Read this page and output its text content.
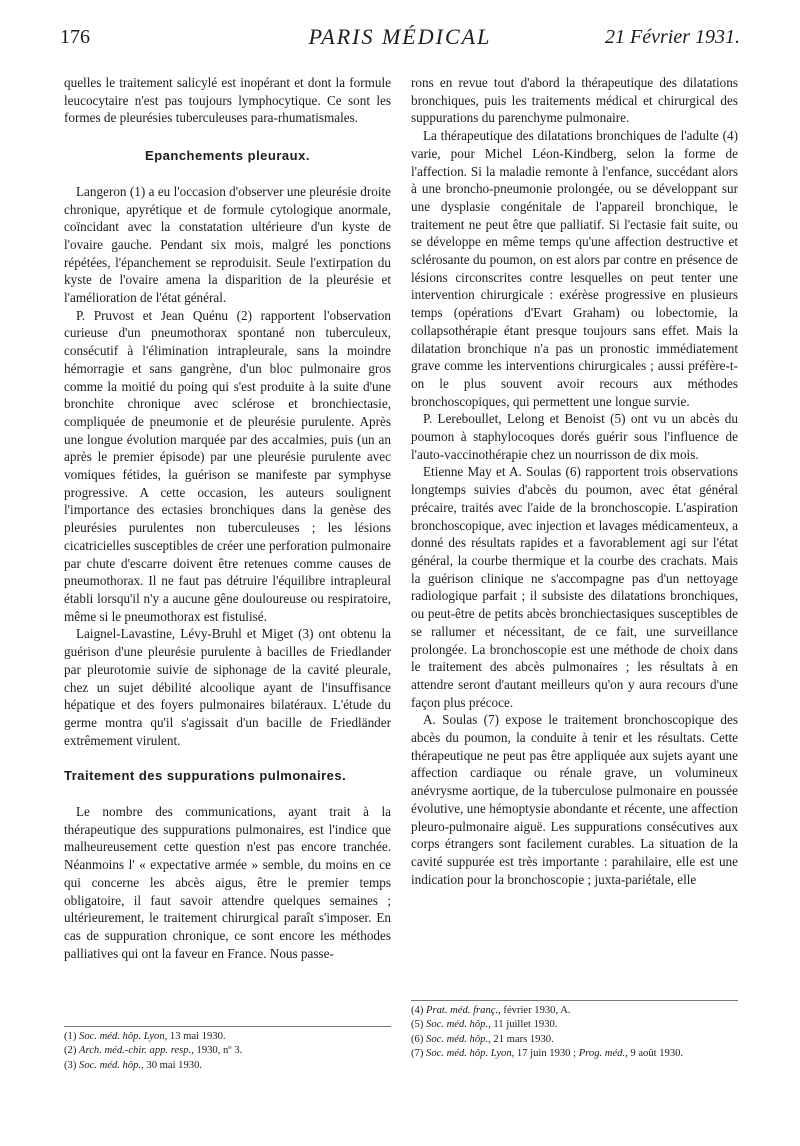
176	PARIS MÉDICAL	21 Février 1931.

quelles le traitement salicylé est inopérant et dont la formule leucocytaire n'est pas toujours lymphocytique. Ce sont les formes de pleurésies tuberculeuses para-rhumatismales.

Epanchements pleuraux.

Langeron (1) a eu l'occasion d'observer une pleurésie droite chronique, apyrétique et de formule cytologique anormale, coïncidant avec la constatation ultérieure d'un kyste de l'ovaire gauche. Pendant six mois, malgré les ponctions répétées, l'épanchement se reproduisit. Seule l'extirpation du kyste de l'ovaire amena la disparition de la pleurésie et l'amélioration de l'état général.

P. Pruvost et Jean Quénu (2) rapportent l'observation curieuse d'un pneumothorax spontané non tuberculeux, consécutif à l'élimination intrapleurale, sans la moindre hémorragie et sans gangrène, d'un bloc pulmonaire gros comme la moitié du poing qui s'est produite à la suite d'une bronchite chronique avec sclérose et bronchiectasie, compliquée de pneumonie et de pleurésie purulente. Après une longue évolution marquée par des accalmies, puis (un an après le premier épisode) par une pleurésie purulente avec vomiques fétides, la guérison se manifeste par symphyse progressive. A cette occasion, les auteurs soulignent l'importance des ectasies bronchiques dans la genèse des pleurésies purulentes non tuberculeuses ; les lésions cicatricielles susceptibles de créer une perforation pulmonaire par chute d'escarre doivent être retenues comme causes de pneumothorax. Il ne faut pas détruire l'équilibre intrapleural établi lorsqu'il n'y a aucune gêne douloureuse ou respiratoire, même si le pneumothorax est fistulisé.

Laignel-Lavastine, Lévy-Bruhl et Miget (3) ont obtenu la guérison d'une pleurésie purulente à bacilles de Friedlander par pleurotomie suivie de siphonage de la cavité pleurale, chez un sujet débilité alcoolique ayant de l'insuffisance hépatique et des foyers pulmonaires bilatéraux. L'étude du germe montra qu'il s'agissait d'un bacille de Friedländer extrêmement virulent.

Traitement des suppurations pulmonaires.

Le nombre des communications, ayant trait à la thérapeutique des suppurations pulmonaires, est l'indice que malheureusement cette question n'est pas encore tranchée. Néanmoins l' « expectative armée » semble, du moins en ce qui concerne les abcès aigus, être le premier temps obligatoire, il faut savoir attendre quelques semaines ; ultérieurement, le traitement chirurgical paraît s'imposer. En cas de suppuration chronique, ce sont encore les méthodes palliatives qui ont la faveur en France. Nous passe-

(1) Soc. méd. hôp. Lyon, 13 mai 1930.
(2) Arch. méd.-chir. app. resp., 1930, nº 3.
(3) Soc. méd. hôp., 30 mai 1930.

rons en revue tout d'abord la thérapeutique des dilatations bronchiques, puis les traitements médical et chirurgical des suppurations du parenchyme pulmonaire.

La thérapeutique des dilatations bronchiques de l'adulte (4) varie, pour Michel Léon-Kindberg, selon la forme de l'affection. Si la maladie remonte à l'enfance, succédant alors à une broncho-pneumonie prolongée, ou se développant sur une dysplasie congénitale de l'appareil bronchique, le traitement ne peut être que palliatif. Si l'ectasie fait suite, ou se développe en même temps qu'une affection destructive et sclérosante du poumon, on est alors par contre en présence de lésions circonscrites contre lesquelles on peut tenter une intervention chirurgicale : exérèse progressive en plusieurs temps (opérations d'Evart Graham) ou lobectomie, la collapsothérapie étant presque toujours sans effet. Mais la dilatation bronchique n'a pas un pronostic immédiatement grave comme les interventions chirurgicales ; aussi préfère-t-on le plus souvent avoir recours aux méthodes bronchoscopiques, qui permettent une longue survie.

P. Lereboullet, Lelong et Benoist (5) ont vu un abcès du poumon à staphylocoques dorés guérir sous l'influence de l'auto-vaccinothérapie chez un nourrisson de dix mois.

Etienne May et A. Soulas (6) rapportent trois observations longtemps suivies d'abcès du poumon, avec état général précaire, traités avec l'aide de la bronchoscopie. L'aspiration bronchoscopique, avec injection et lavages médicamenteux, a donné des résultats rapides et a favorablement agi sur l'état général, la courbe thermique et la courbe des crachats. Mais la guérison clinique ne s'accompagne pas d'un nettoyage radiologique parfait ; il subsiste des dilatations bronchiques, ou peut-être de petits abcès bronchiectasiques susceptibles de se rallumer et nécessitant, de ce fait, une surveillance prolongée. La bronchoscopie est une méthode de choix dans le traitement des abcès pulmonaires ; les résultats à en attendre seront d'autant meilleurs qu'on y aura recours d'une façon plus précoce.

A. Soulas (7) expose le traitement bronchoscopique des abcès du poumon, la conduite à tenir et les résultats. Cette thérapeutique ne peut pas être appliquée aux sujets ayant une affection cardiaque ou rénale grave, un volumineux anévrysme aortique, de la tuberculose pulmonaire en poussée évolutive, une hémoptysie abondante et récente, une affection pleuro-pulmonaire aiguë. Les suppurations consécutives aux corps étrangers sont facilement curables. La situation de la cavité suppurée est très importante : parahilaire, elle est une indication pour la bronchoscopie ; juxta-pariétale, elle

(4) Prat. méd. franç., février 1930, A.
(5) Soc. méd. hôp., 11 juillet 1930.
(6) Soc. méd. hôp., 21 mars 1930.
(7) Soc. méd. hôp. Lyon, 17 juin 1930 ; Prog. méd., 9 août 1930.
